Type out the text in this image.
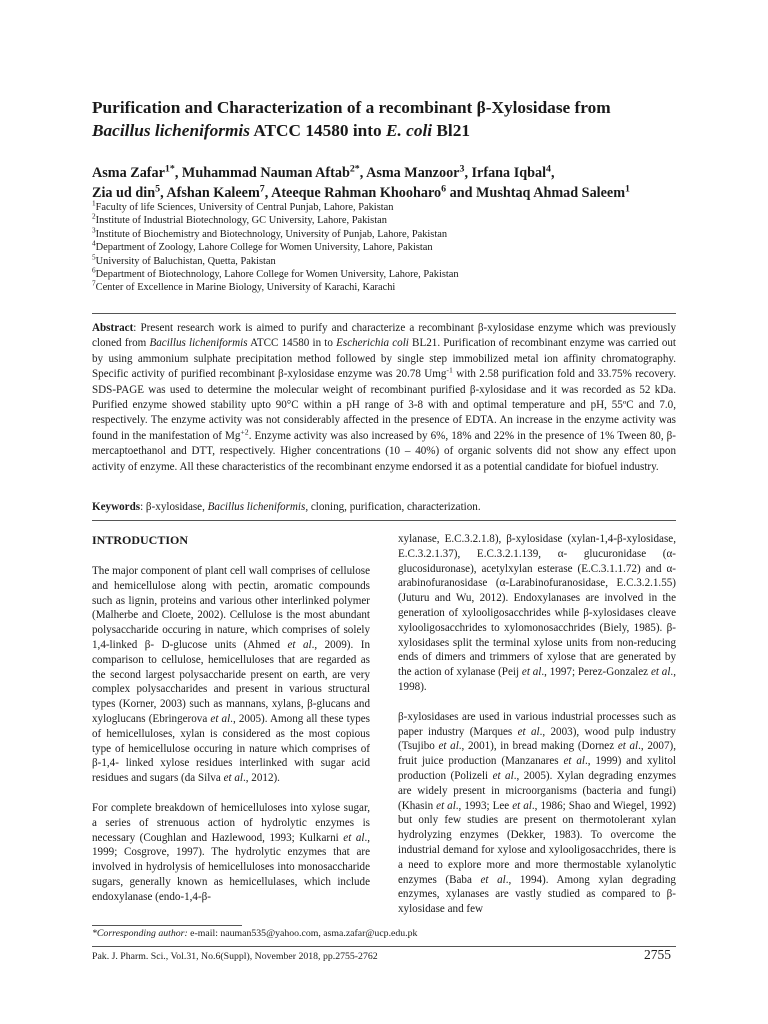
Purification and Characterization of a recombinant β-Xylosidase from
Bacillus licheniformis ATCC 14580 into E. coli Bl21

Asma Zafar$^{1*}$, Muhammad Nauman Aftab$^{2*}$, Asma Manzoor$^3$, Irfana Iqbal$^4$,
Zia ud din$^5$, Afshan Kaleem$^7$, Ateeque Rahman Khooharo$^6$ and Mushtaq Ahmad Saleem$^1$

$^1$Faculty of life Sciences, University of Central Punjab, Lahore, Pakistan
$^2$Institute of Industrial Biotechnology, GC University, Lahore, Pakistan
$^3$Institute of Biochemistry and Biotechnology, University of Punjab, Lahore, Pakistan
$^4$Department of Zoology, Lahore College for Women University, Lahore, Pakistan
$^5$University of Baluchistan, Quetta, Pakistan
$^6$Department of Biotechnology, Lahore College for Women University, Lahore, Pakistan
$^7$Center of Excellence in Marine Biology, University of Karachi, Karachi

Abstract: Present research work is aimed to purify and characterize a recombinant β-xylosidase enzyme which was previously cloned from Bacillus licheniformis ATCC 14580 in to Escherichia coli BL21. Purification of recombinant enzyme was carried out by using ammonium sulphate precipitation method followed by single step immobilized metal ion affinity chromatography. Specific activity of purified recombinant β-xylosidase enzyme was 20.78 Umg$^{-1}$ with 2.58 purification fold and 33.75% recovery. SDS-PAGE was used to determine the molecular weight of recombinant purified β-xylosidase and it was recorded as 52 kDa. Purified enzyme showed stability upto 90°C within a pH range of 3-8 with and optimal temperature and pH, 55ºC and 7.0, respectively. The enzyme activity was not considerably affected in the presence of EDTA. An increase in the enzyme activity was found in the manifestation of $Mg^{+2}$. Enzyme activity was also increased by 6%, 18% and 22% in the presence of 1% Tween 80, β-mercaptoethanol and DTT, respectively. Higher concentrations (10 – 40%) of organic solvents did not show any effect upon activity of enzyme. All these characteristics of the recombinant enzyme endorsed it as a potential candidate for biofuel industry.

Keywords: β-xylosidase, Bacillus licheniformis, cloning, purification, characterization.

INTRODUCTION

The major component of plant cell wall comprises of cellulose and hemicellulose along with pectin, aromatic compounds such as lignin, proteins and various other interlinked polymer (Malherbe and Cloete, 2002). Cellulose is the most abundant polysaccharide occuring in nature, which comprises of solely 1,4-linked β- D-glucose units (Ahmed et al., 2009). In comparison to cellulose, hemicelluloses that are regarded as the second largest polysaccharide present on earth, are very complex polysaccharides and present in various structural types (Korner, 2003) such as mannans, xylans, β-glucans and xyloglucans (Ebringerova et al., 2005). Among all these types of hemicelluloses, xylan is considered as the most copious type of hemicellulose occuring in nature which comprises of β-1,4- linked xylose residues interlinked with sugar acid residues and sugars (da Silva et al., 2012).

For complete breakdown of hemicelluloses into xylose sugar, a series of strenuous action of hydrolytic enzymes is necessary (Coughlan and Hazlewood, 1993; Kulkarni et al., 1999; Cosgrove, 1997). The hydrolytic enzymes that are involved in hydrolysis of hemicelluloses into monosaccharide sugars, generally known as hemicellulases, which include endoxylanase (endo-1,4-β-

xylanase, E.C.3.2.1.8), β-xylosidase (xylan-1,4-β-xylosidase, E.C.3.2.1.37), E.C.3.2.1.139, α- glucuronidase (α-glucosiduronase), acetylxylan esterase (E.C.3.1.1.72) and α-arabinofuranosidase (α-Larabinofuranosidase, E.C.3.2.1.55) (Juturu and Wu, 2012). Endoxylanases are involved in the generation of xylooligosacchrides while β-xylosidases cleave xylooligosacchrides to xylomonosacchrides (Biely, 1985). β-xylosidases split the terminal xylose units from non-reducing ends of dimers and trimmers of xylose that are generated by the action of xylanase (Peij et al., 1997; Perez-Gonzalez et al., 1998).

β-xylosidases are used in various industrial processes such as paper industry (Marques et al., 2003), wood pulp industry (Tsujibo et al., 2001), in bread making (Dornez et al., 2007), fruit juice production (Manzanares et al., 1999) and xylitol production (Polizeli et al., 2005). Xylan degrading enzymes are widely present in microorganisms (bacteria and fungi) (Khasin et al., 1993; Lee et al., 1986; Shao and Wiegel, 1992) but only few studies are present on thermotolerant xylan hydrolyzing enzymes (Dekker, 1983). To overcome the industrial demand for xylose and xylooligosacchrides, there is a need to explore more and more thermostable xylanolytic enzymes (Baba et al., 1994). Among xylan degrading enzymes, xylanases are vastly studied as compared to β-xylosidase and few

*Corresponding author: e-mail: nauman535@yahoo.com, asma.zafar@ucp.edu.pk

Pak. J. Pharm. Sci., Vol.31, No.6(Suppl), November 2018, pp.2755-2762	2755
